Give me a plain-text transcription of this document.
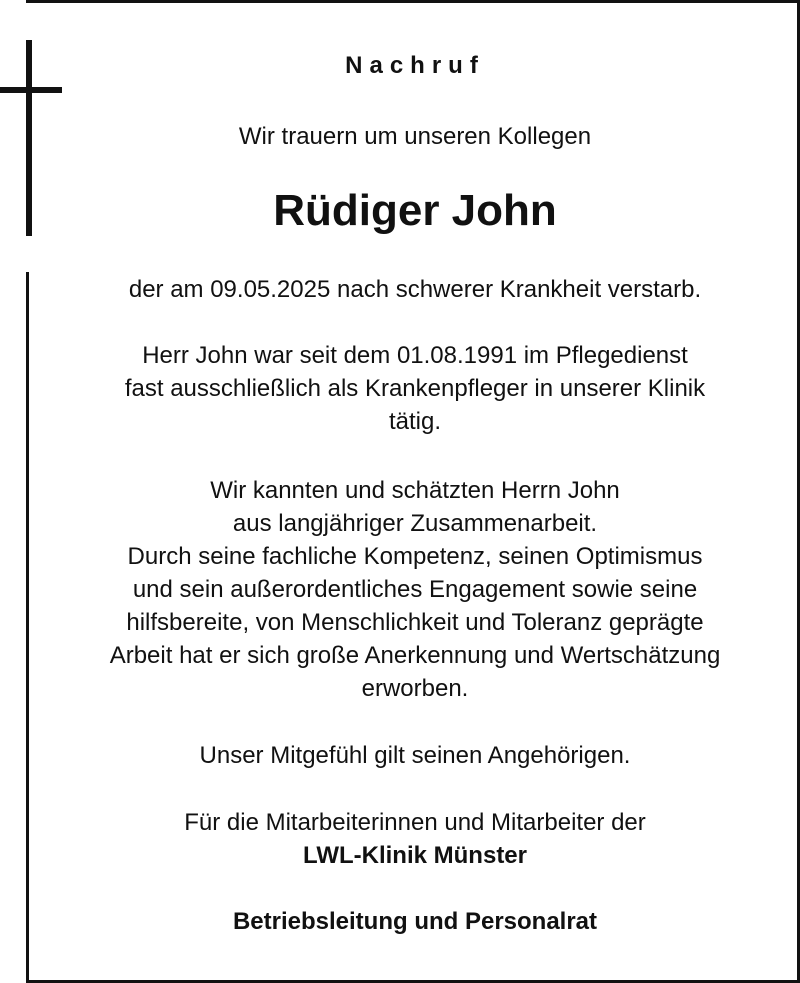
Nachruf

Wir trauern um unseren Kollegen

Rüdiger John

der am 09.05.2025 nach schwerer Krankheit verstarb.

Herr John war seit dem 01.08.1991 im Pflegedienst

fast ausschließlich als Krankenpfleger in unserer Klinik

tätig.

Wir kannten und schätzten Herrn John

aus langjähriger Zusammenarbeit.

Durch seine fachliche Kompetenz, seinen Optimismus

und sein außerordentliches Engagement sowie seine

hilfsbereite, von Menschlichkeit und Toleranz geprägte

Arbeit hat er sich große Anerkennung und Wertschätzung

erworben.

Unser Mitgefühl gilt seinen Angehörigen.

Für die Mitarbeiterinnen und Mitarbeiter der

LWL-Klinik Münster

Betriebsleitung und Personalrat
